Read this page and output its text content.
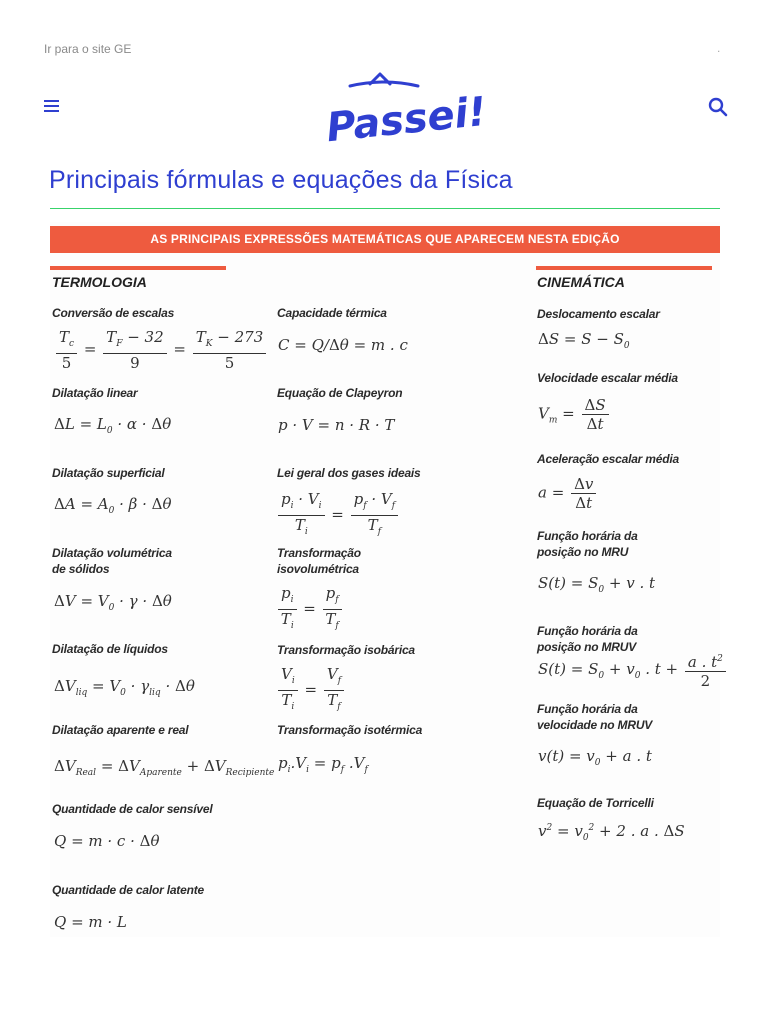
Ir para o site GE	.
Passei!
Principais fórmulas e equações da Física
AS PRINCIPAIS EXPRESSÕES MATEMÁTICAS QUE APARECEM NESTA EDIÇÃO
TERMOLOGIA	CINEMÁTICA
Conversão de escalas
$\frac{T_c}{5} = \frac{T_F - 32}{9} = \frac{T_K - 273}{5}$
Dilatação linear
$\Delta L = L_0 \cdot \alpha \cdot \Delta\theta$
Dilatação superficial
$\Delta A = A_0 \cdot \beta \cdot \Delta\theta$
Dilatação volumétrica
de sólidos
$\Delta V = V_0 \cdot \gamma \cdot \Delta\theta$
Dilatação de líquidos
$\Delta V_{liq} = V_0 \cdot \gamma_{liq} \cdot \Delta\theta$
Dilatação aparente e real
$\Delta V_{Real} = \Delta V_{Aparente} + \Delta V_{Recipiente}$
Quantidade de calor sensível
Q = m · c · Δθ
Quantidade de calor latente
Q = m · L
Capacidade térmica
C = Q/Δθ = m . c
Equação de Clapeyron
p · V = n · R · T
Lei geral dos gases ideais
$\frac{p_i \cdot V_i}{T_i} = \frac{p_f \cdot V_f}{T_f}$
Transformação
isovolumétrica
$\frac{p_i}{T_i} = \frac{p_f}{T_f}$
Transformação isobárica
$\frac{V_i}{T_i} = \frac{V_f}{T_f}$
Transformação isotérmica
$p_i.V_i = p_f$ $.V_f$
Deslocamento escalar
$\Delta S = S - S_0$
Velocidade escalar média
$V_m = \frac{\Delta S}{\Delta t}$
Aceleração escalar média
$a = \frac{\Delta v}{\Delta t}$
Função horária da
posição no MRU
$S(t) = S_0 + v$ . t
Função horária da
posição no MRUV
$S(t) = S_0 + v_0$ . $t + \frac{a . t^2}{2}$
Função horária da
velocidade no MRUV
$v(t) = v_0 + a$ . t
Equação de Torricelli
$v^2 = v_0^2 + 2$ . a . ΔS
